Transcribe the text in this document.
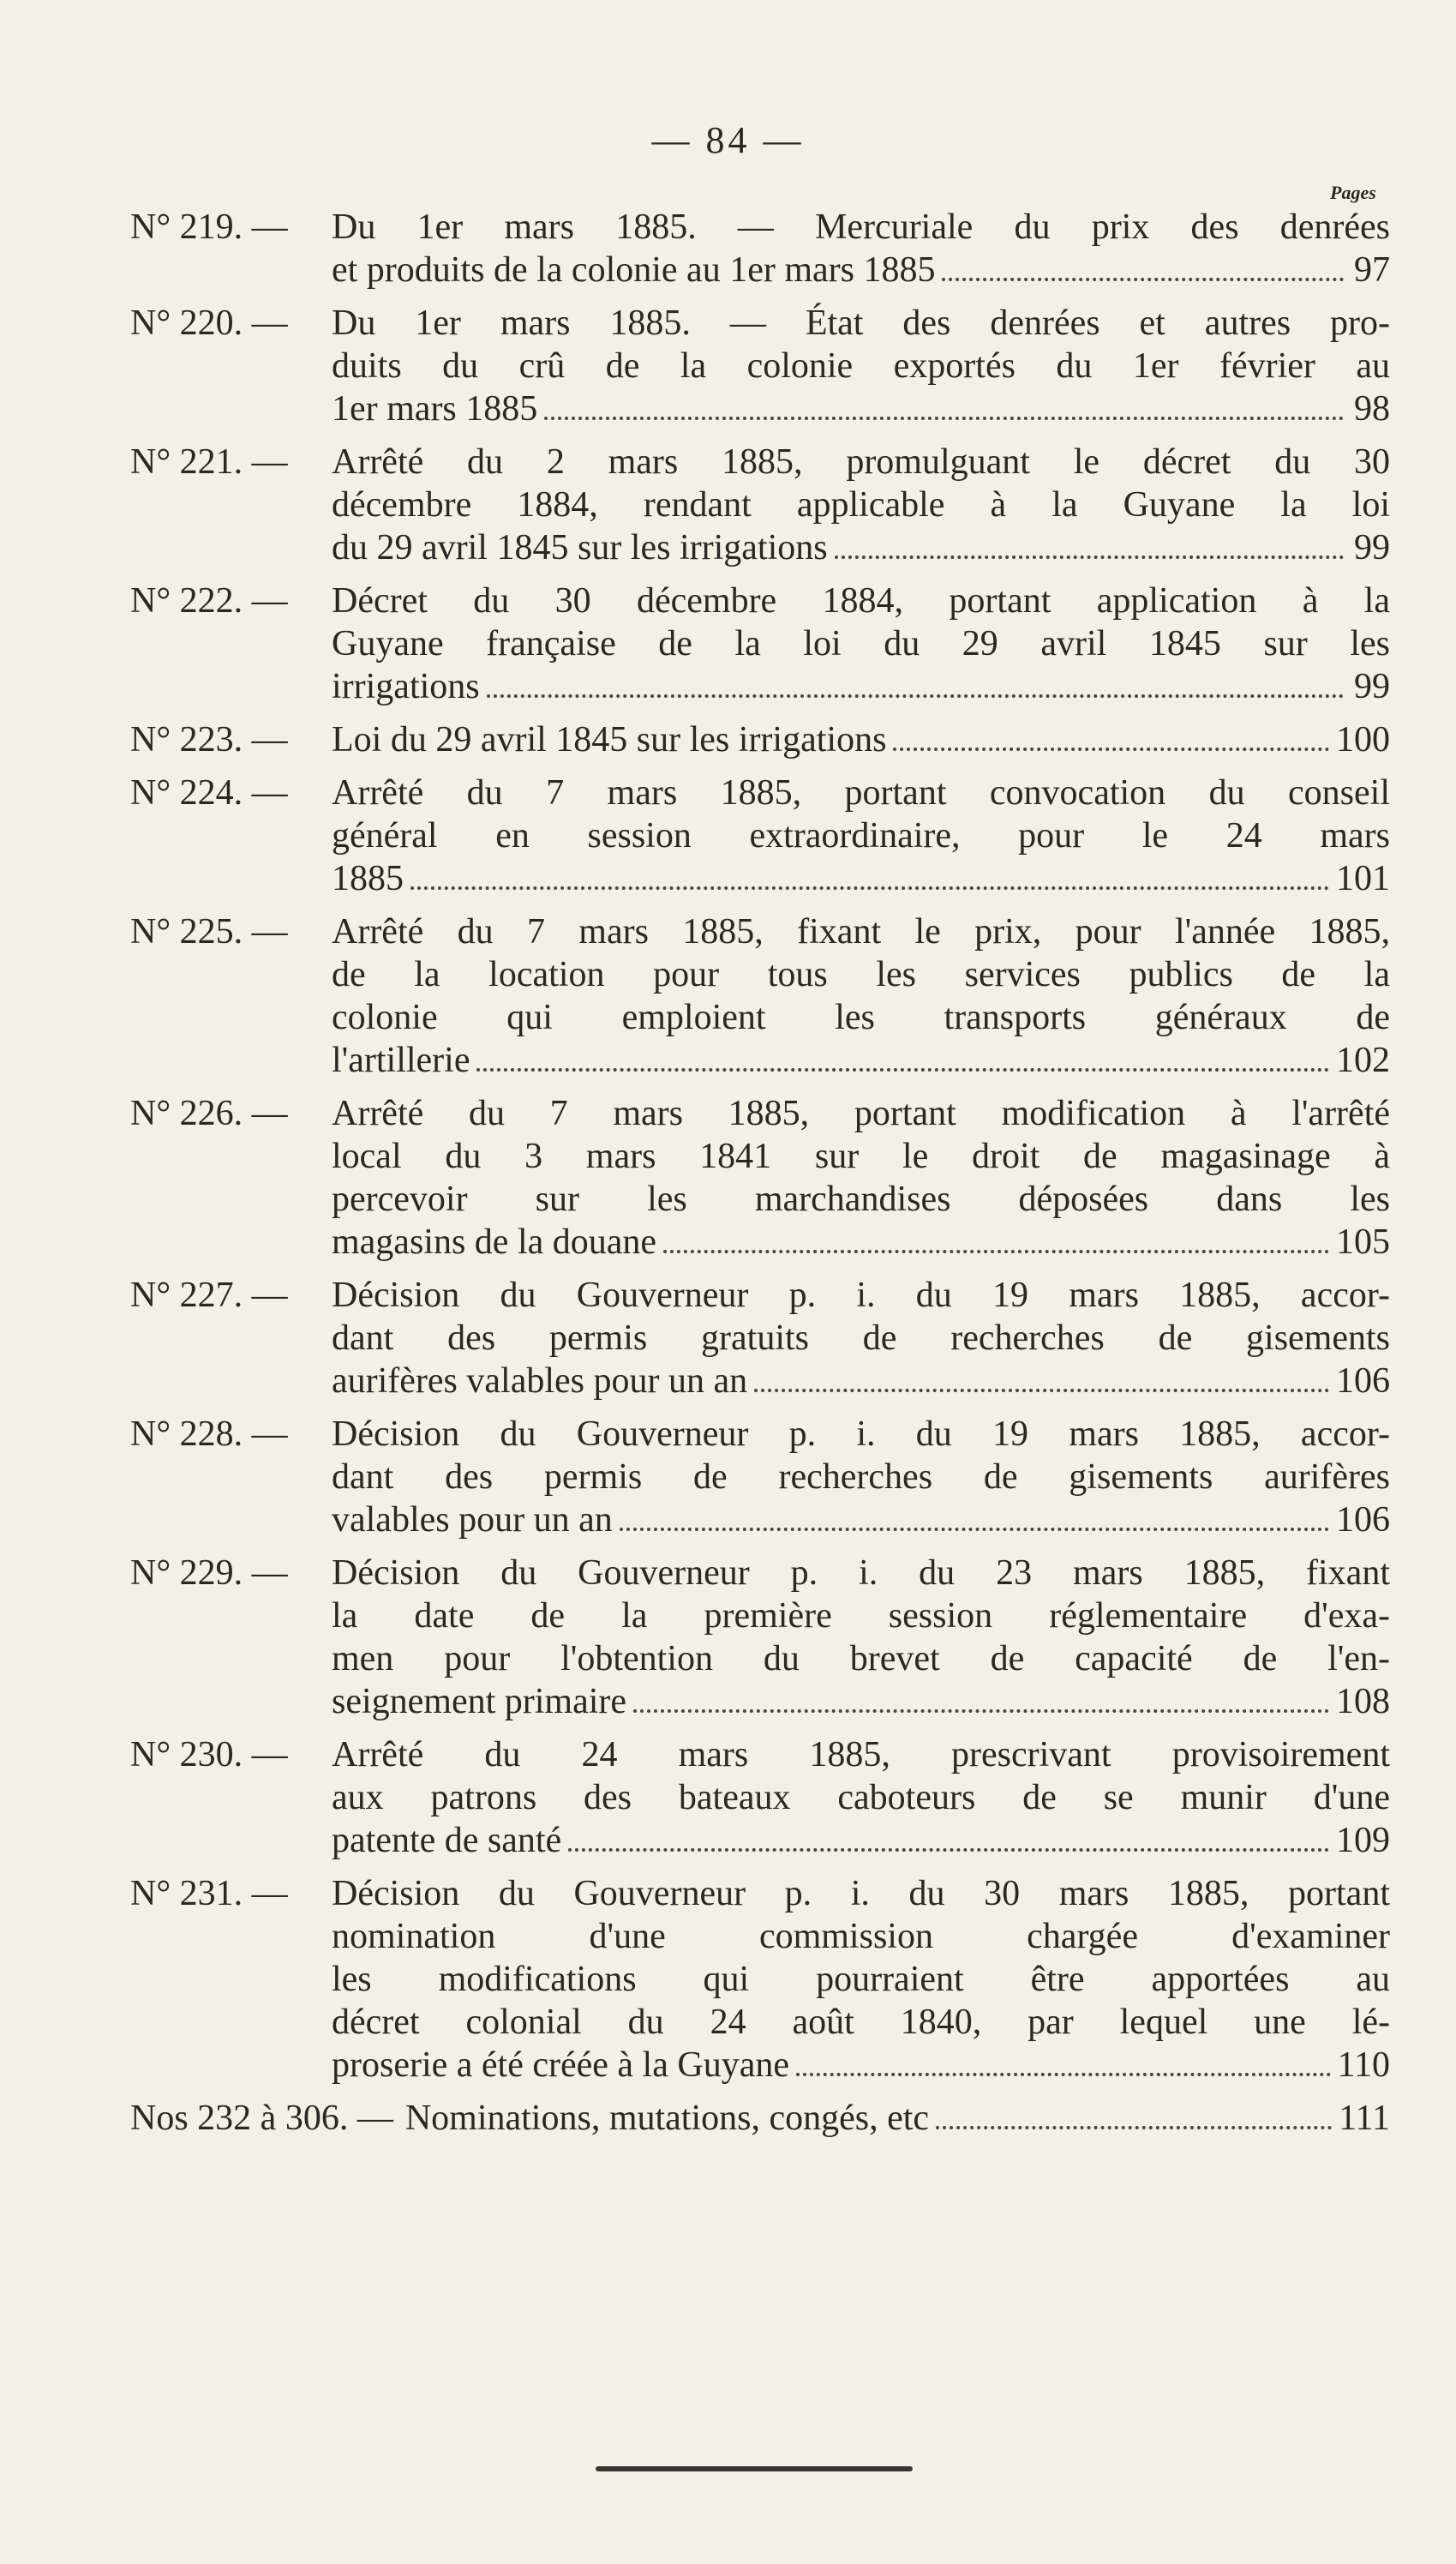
— 84 —
Pages
N° 219. —	Du 1er mars 1885. — Mercuriale du prix des denrées
et produits de la colonie au 1er mars 1885	97
N° 220. —	Du 1er mars 1885. — État des denrées et autres pro-
duits du crû de la colonie exportés du 1er février au
1er mars 1885	98
N° 221. —	Arrêté du 2 mars 1885, promulguant le décret du 30
décembre 1884, rendant applicable à la Guyane la loi
du 29 avril 1845 sur les irrigations	99
N° 222. —	Décret du 30 décembre 1884, portant application à la
Guyane française de la loi du 29 avril 1845 sur les
irrigations	99
N° 223. —	Loi du 29 avril 1845 sur les irrigations	100
N° 224. —	Arrêté du 7 mars 1885, portant convocation du conseil
général en session extraordinaire, pour le 24 mars
1885	101
N° 225. —	Arrêté du 7 mars 1885, fixant le prix, pour l'année 1885,
de la location pour tous les services publics de la
colonie qui emploient les transports généraux de
l'artillerie	102
N° 226. —	Arrêté du 7 mars 1885, portant modification à l'arrêté
local du 3 mars 1841 sur le droit de magasinage à
percevoir sur les marchandises déposées dans les
magasins de la douane	105
N° 227. —	Décision du Gouverneur p. i. du 19 mars 1885, accor-
dant des permis gratuits de recherches de gisements
aurifères valables pour un an	106
N° 228. —	Décision du Gouverneur p. i. du 19 mars 1885, accor-
dant des permis de recherches de gisements aurifères
valables pour un an	106
N° 229. —	Décision du Gouverneur p. i. du 23 mars 1885, fixant
la date de la première session réglementaire d'exa-
men pour l'obtention du brevet de capacité de l'en-
seignement primaire	108
N° 230. —	Arrêté du 24 mars 1885, prescrivant provisoirement
aux patrons des bateaux caboteurs de se munir d'une
patente de santé	109
N° 231. —	Décision du Gouverneur p. i. du 30 mars 1885, portant
nomination d'une commission chargée d'examiner
les modifications qui pourraient être apportées au
décret colonial du 24 août 1840, par lequel une lé-
proserie a été créée à la Guyane	110
Nos 232 à 306. — Nominations, mutations, congés, etc	111
